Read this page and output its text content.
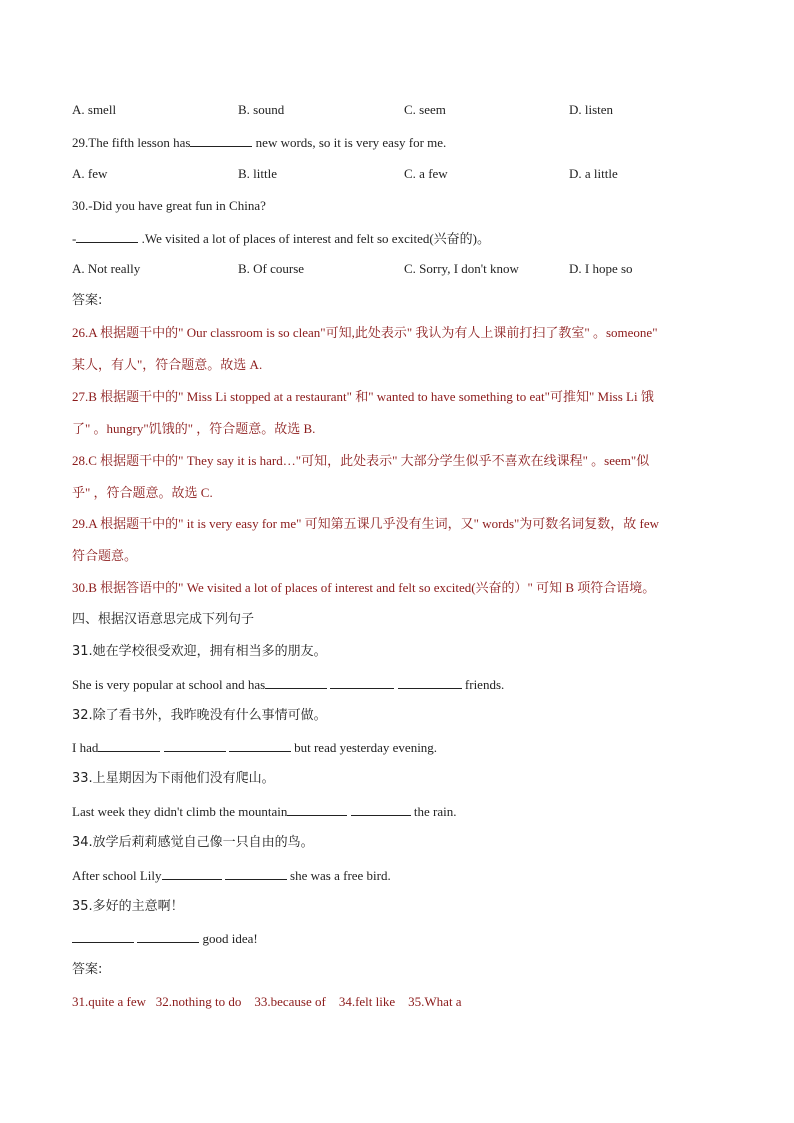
A. smell	B. sound	C. seem	D. listen
29.The fifth lesson has	new words, so it is very easy for me.
A. few	B. little	C. a few	D. a little
30.-Did you have great fun in China?
-	.We visited a lot of places of interest and felt so excited(兴奋的)。
A. Not really	B. Of course	C. Sorry, I don't know	D. I hope so
答案:
26.A 根据题干中的" Our classroom is so clean"可知,此处表示" 我认为有人上课前打扫了教室" 。someone"
某人，有人"，符合题意。故选 A.
27.B 根据题干中的" Miss Li stopped at a restaurant" 和" wanted to have something to eat"可推知" Miss Li 饿
了" 。hungry"饥饿的" ，符合题意。故选 B.
28.C 根据题干中的" They say it is hard…"可知，此处表示" 大部分学生似乎不喜欢在线课程" 。seem"似
乎" ，符合题意。故选 C.
29.A 根据题干中的" it is very easy for me" 可知第五课几乎没有生词，又" words"为可数名词复数，故 few
符合题意。
30.B 根据答语中的" We visited a lot of places of interest and felt so excited(兴奋的）" 可知 B 项符合语境。
四、根据汉语意思完成下列句子
31.她在学校很受欢迎，拥有相当多的朋友。
She is very popular at school and has	friends.
32.除了看书外，我昨晚没有什么事情可做。
I had	but read yesterday evening.
33.上星期因为下雨他们没有爬山。
Last week they didn't climb the mountain	the rain.
34.放学后莉莉感觉自己像一只自由的鸟。
After school Lily	she was a free bird.
35.多好的主意啊！
good idea!
答案:
31.quite a few 32.nothing to do 33.because of 34.felt like 35.What a
